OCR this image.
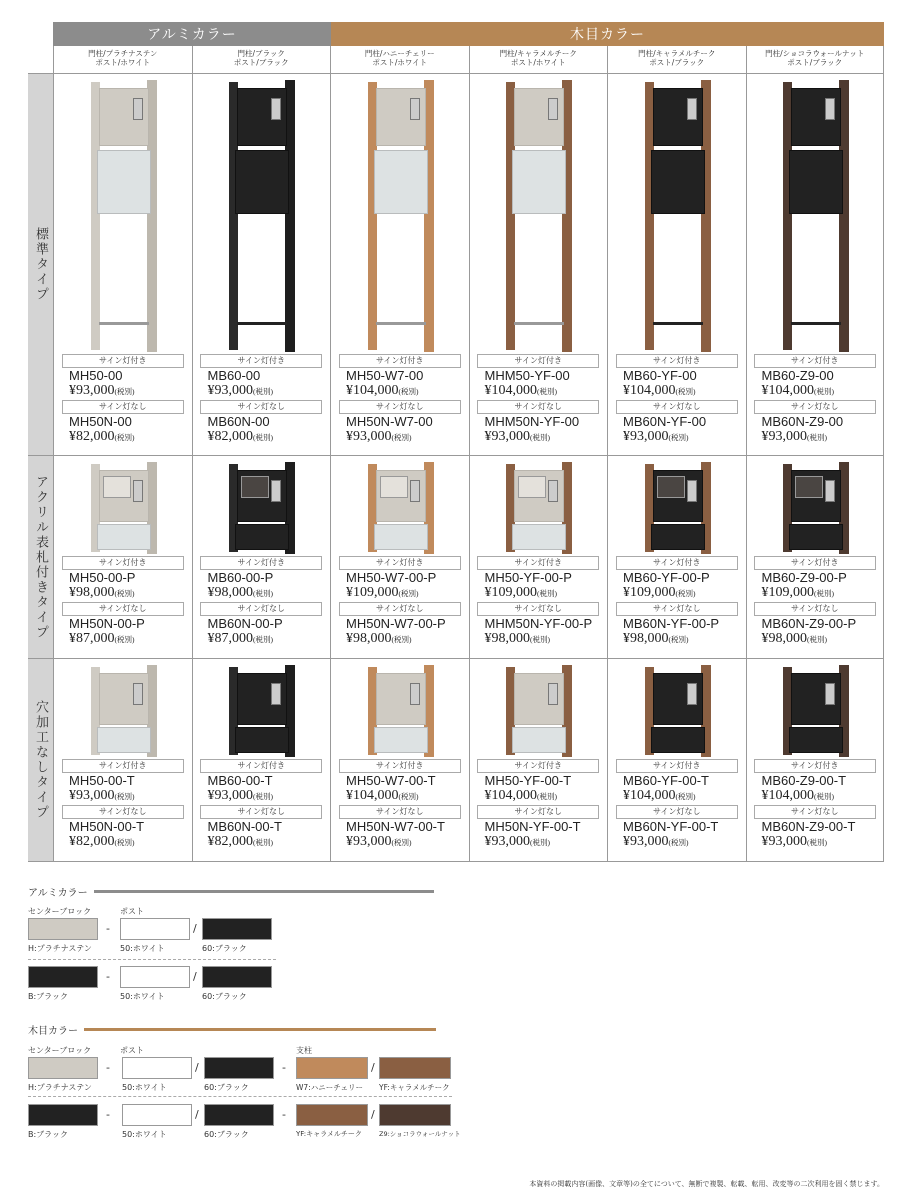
アルミカラー	木目カラー
門柱/プラチナステン
ポスト/ホワイト
門柱/ブラック
ポスト/ブラック
門柱/ハニーチェリー
ポスト/ホワイト
門柱/キャラメルチーク
ポスト/ホワイト
門柱/キャラメルチーク
ポスト/ブラック
門柱/ショコラウォールナット
ポスト/ブラック
標準タイプ
サイン灯付き
MH50-00
¥93,000(税別)
サイン灯なし
MH50N-00
¥82,000(税別)
サイン灯付き
MB60-00
¥93,000(税別)
サイン灯なし
MB60N-00
¥82,000(税別)
サイン灯付き
MH50-W7-00
¥104,000(税別)
サイン灯なし
MH50N-W7-00
¥93,000(税別)
サイン灯付き
MHM50-YF-00
¥104,000(税別)
サイン灯なし
MHM50N-YF-00
¥93,000(税別)
サイン灯付き
MB60-YF-00
¥104,000(税別)
サイン灯なし
MB60N-YF-00
¥93,000(税別)
サイン灯付き
MB60-Z9-00
¥104,000(税別)
サイン灯なし
MB60N-Z9-00
¥93,000(税別)
アクリル表札付きタイプ	サイン灯付き
MH50-00-P
¥98,000(税別)
サイン灯なし
MH50N-00-P
¥87,000(税別)
サイン灯付き
MB60-00-P
¥98,000(税別)
サイン灯なし
MB60N-00-P
¥87,000(税別)
サイン灯付き
MH50-W7-00-P
¥109,000(税別)
サイン灯なし
MH50N-W7-00-P
¥98,000(税別)
サイン灯付き
MH50-YF-00-P
¥109,000(税別)
サイン灯なし
MHM50N-YF-00-P
¥98,000(税別)
サイン灯付き
MB60-YF-00-P
¥109,000(税別)
サイン灯なし
MB60N-YF-00-P
¥98,000(税別)
サイン灯付き
MB60-Z9-00-P
¥109,000(税別)
サイン灯なし
MB60N-Z9-00-P
¥98,000(税別)
穴加工なしタイプ	サイン灯付き
MH50-00-T
¥93,000(税別)
サイン灯なし
MH50N-00-T
¥82,000(税別)
サイン灯付き
MB60-00-T
¥93,000(税別)
サイン灯なし
MB60N-00-T
¥82,000(税別)
サイン灯付き
MH50-W7-00-T
¥104,000(税別)
サイン灯なし
MH50N-W7-00-T
¥93,000(税別)
サイン灯付き
MH50-YF-00-T
¥104,000(税別)
サイン灯なし
MH50N-YF-00-T
¥93,000(税別)
サイン灯付き
MB60-YF-00-T
¥104,000(税別)
サイン灯なし
MB60N-YF-00-T
¥93,000(税別)
サイン灯付き
MB60-Z9-00-T
¥104,000(税別)
サイン灯なし
MB60N-Z9-00-T
¥93,000(税別)
アルミカラー
センターブロック	ポスト
-	/
H:プラチナステン	50:ホワイト	60:ブラック
-	/
B:ブラック	50:ホワイト	60:ブラック
木目カラー
センターブロック	ポスト	支柱
-	/	-	/
H:プラチナステン	50:ホワイト	60:ブラック	W7:ハニーチェリー YF:キャラメルチーク
-	/	-	/
B:ブラック	50:ホワイト	60:ブラック	YF:キャラメルチーク	Z9:ショコラウォールナット
本資料の掲載内容(画像、文章等)の全てについて、無断で複製、転載、転用、改変等の二次利用を固く禁じます。
